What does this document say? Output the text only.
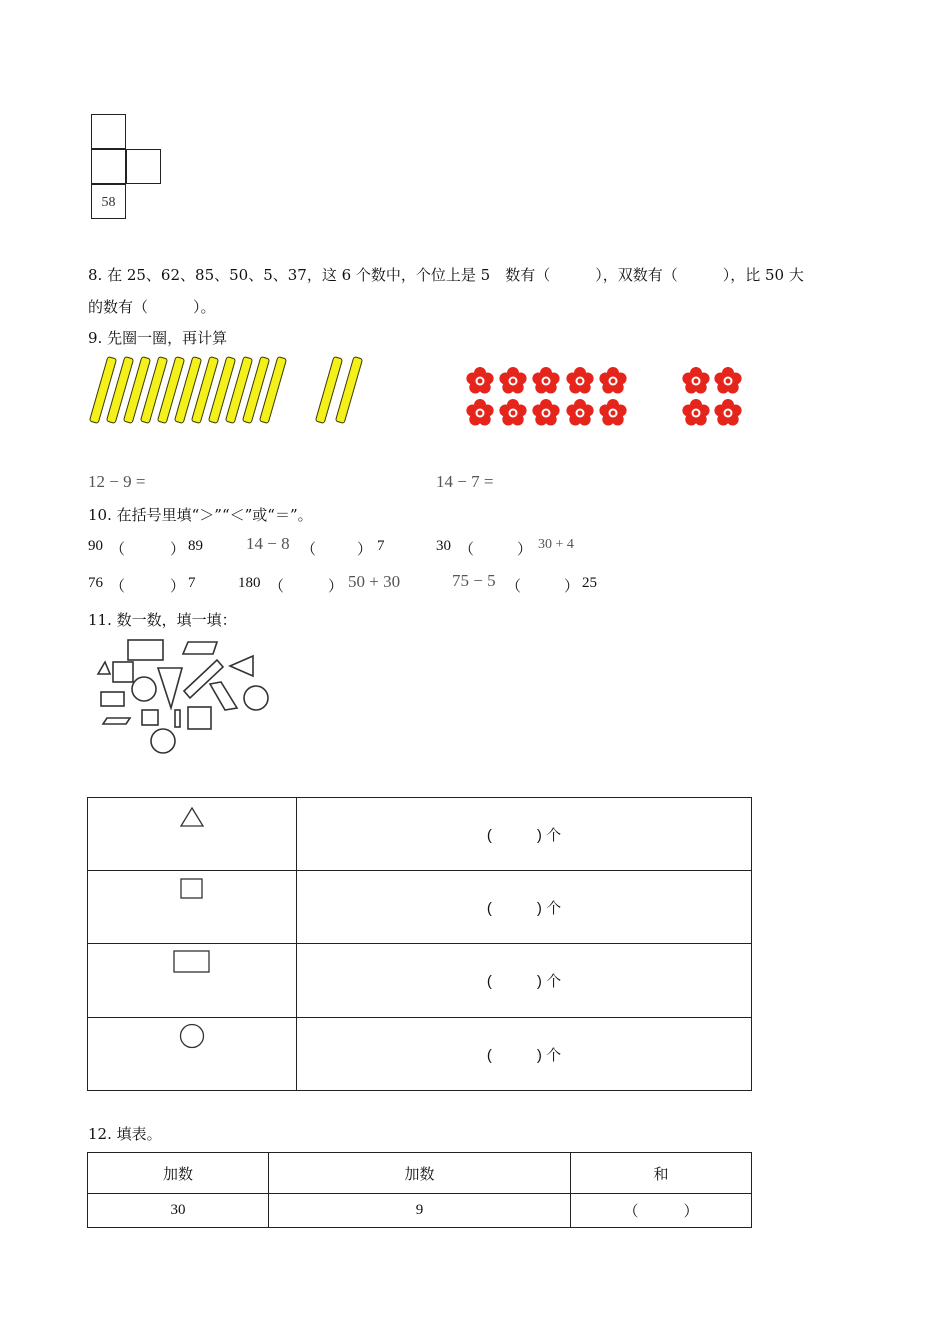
58
8. 在 25、62、85、50、5、37，这 6 个数中，个位上是 5　数有（　　　），双数有（　　　），比 50 大
的数有（　　　）。
9. 先圈一圈，再计算
12 − 9 =	14 − 7 =
10. 在括号里填“＞”“＜”或“＝”。
90 （	） 89	14 − 8 （	） 7	30 （	） 30 + 4
76 （	） 7	180 （	） 50 + 30	75 − 5 （	） 25
11. 数一数，填一填：
	(　　　) 个
	(　　　) 个
	(　　　) 个
	(　　　) 个
12. 填表。
加数	加数	和
30	9	（　　　）
